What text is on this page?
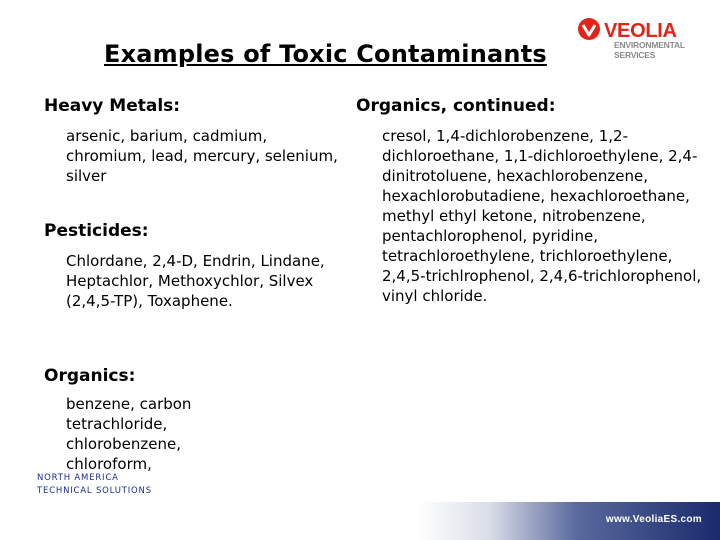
Examples of Toxic Contaminants
VEOLIA
ENVIRONMENTAL
SERVICES
Heavy Metals:
arsenic, barium, cadmium, chromium, lead, mercury, selenium, silver
Pesticides:
Chlordane, 2,4-D, Endrin, Lindane, Heptachlor, Methoxychlor, Silvex (2,4,5-TP), Toxaphene.
Organics:
benzene, carbon tetrachloride, chlorobenzene, chloroform,
Organics, continued:
cresol, 1,4-dichlorobenzene, 1,2-dichloroethane, 1,1-dichloroethylene, 2,4-dinitrotoluene, hexachlorobenzene, hexachlorobutadiene, hexachloroethane, methyl ethyl ketone, nitrobenzene, pentachlorophenol, pyridine, tetrachloroethylene, trichloroethylene, 2,4,5-trichlrophenol, 2,4,6-trichlorophenol, vinyl chloride.
NORTH AMERICA
TECHNICAL SOLUTIONS
www.VeoliaES.com
